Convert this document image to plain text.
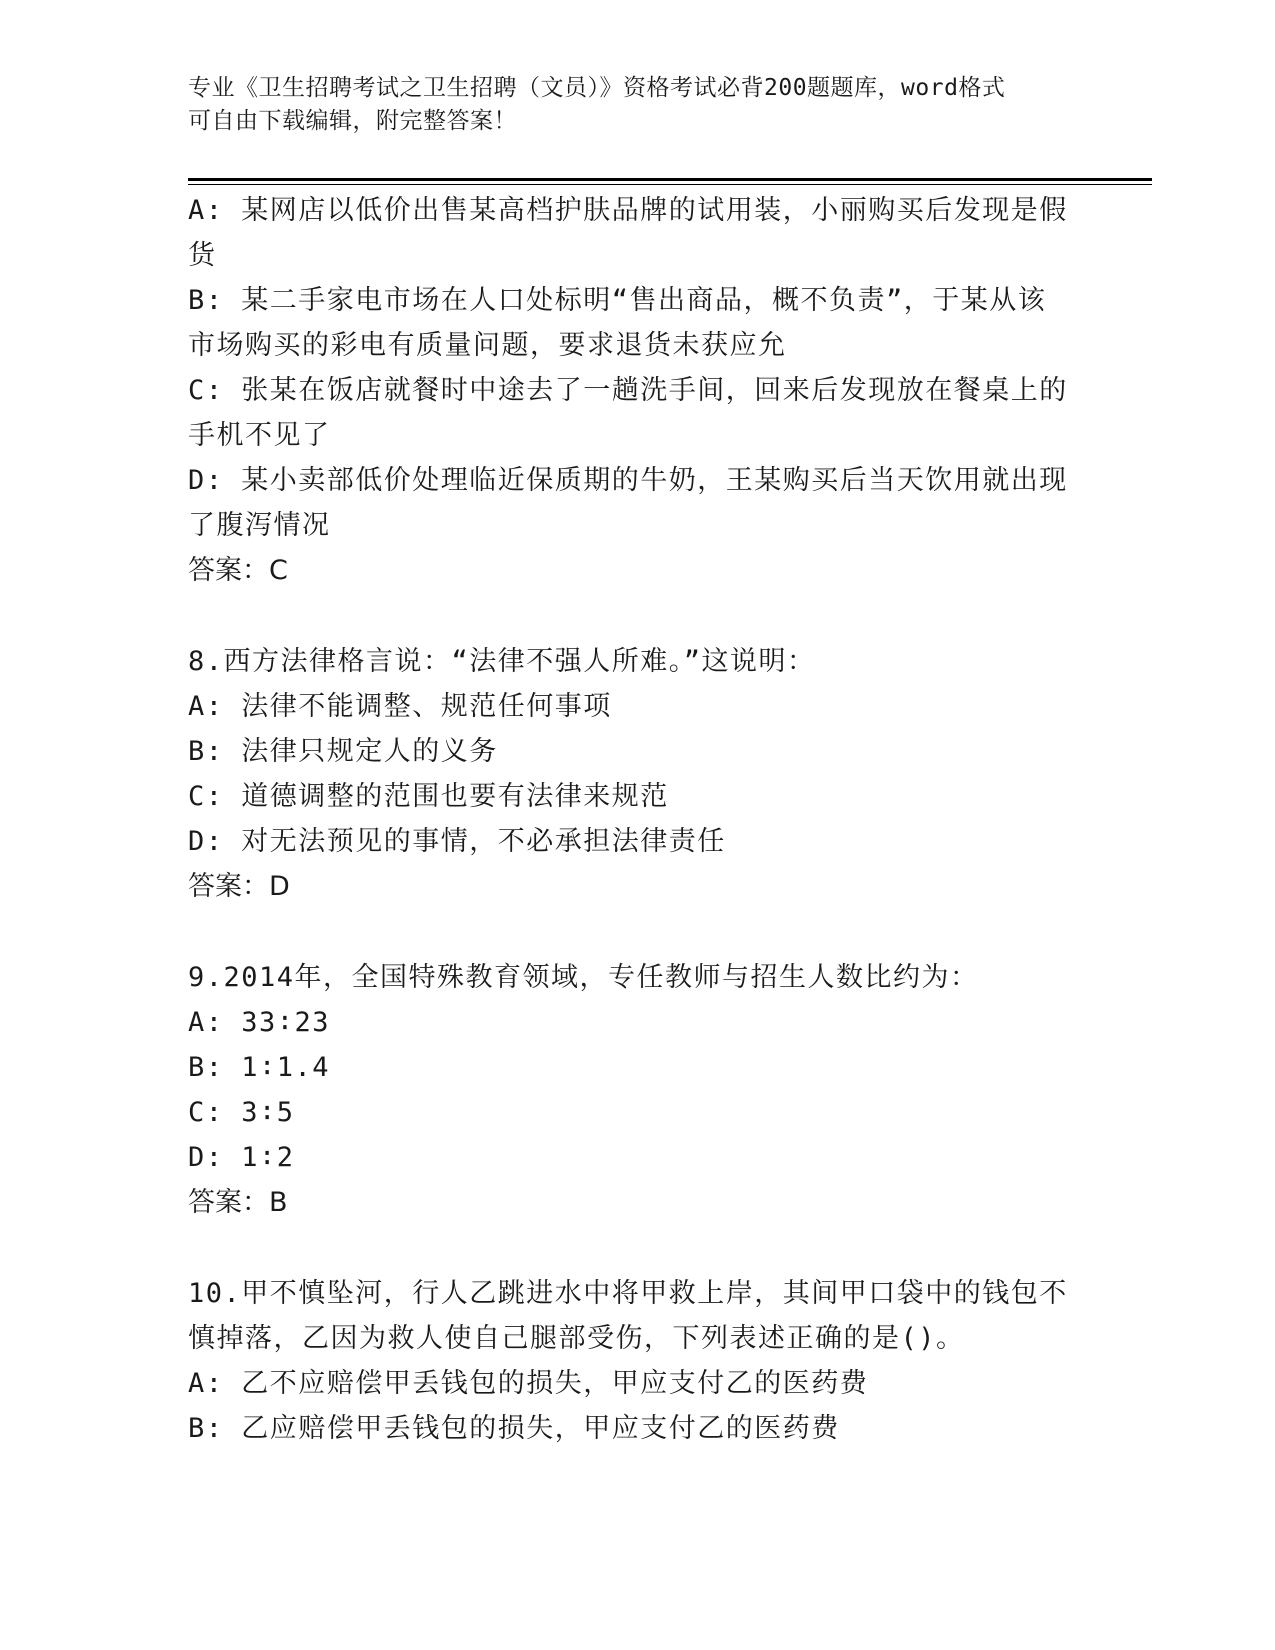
专业《卫生招聘考试之卫生招聘（文员）》资格考试必背200题题库，word格式
可自由下载编辑，附完整答案！
A: 某网店以低价出售某高档护肤品牌的试用装，小丽购买后发现是假
货
B: 某二手家电市场在人口处标明“售出商品，概不负责”，于某从该
市场购买的彩电有质量问题，要求退货未获应允
C: 张某在饭店就餐时中途去了一趟洗手间，回来后发现放在餐桌上的
手机不见了
D: 某小卖部低价处理临近保质期的牛奶，王某购买后当天饮用就出现
了腹泻情况
答案：C
8.西方法律格言说：“法律不强人所难。”这说明：
A: 法律不能调整、规范任何事项
B: 法律只规定人的义务
C: 道德调整的范围也要有法律来规范
D: 对无法预见的事情，不必承担法律责任
答案：D
9.2014年，全国特殊教育领域，专任教师与招生人数比约为：
A: 33∶23
B: 1∶1.4
C: 3∶5
D: 1∶2
答案：B
10.甲不慎坠河，行人乙跳进水中将甲救上岸，其间甲口袋中的钱包不
慎掉落，乙因为救人使自己腿部受伤，下列表述正确的是()。
A: 乙不应赔偿甲丢钱包的损失，甲应支付乙的医药费
B: 乙应赔偿甲丢钱包的损失，甲应支付乙的医药费
